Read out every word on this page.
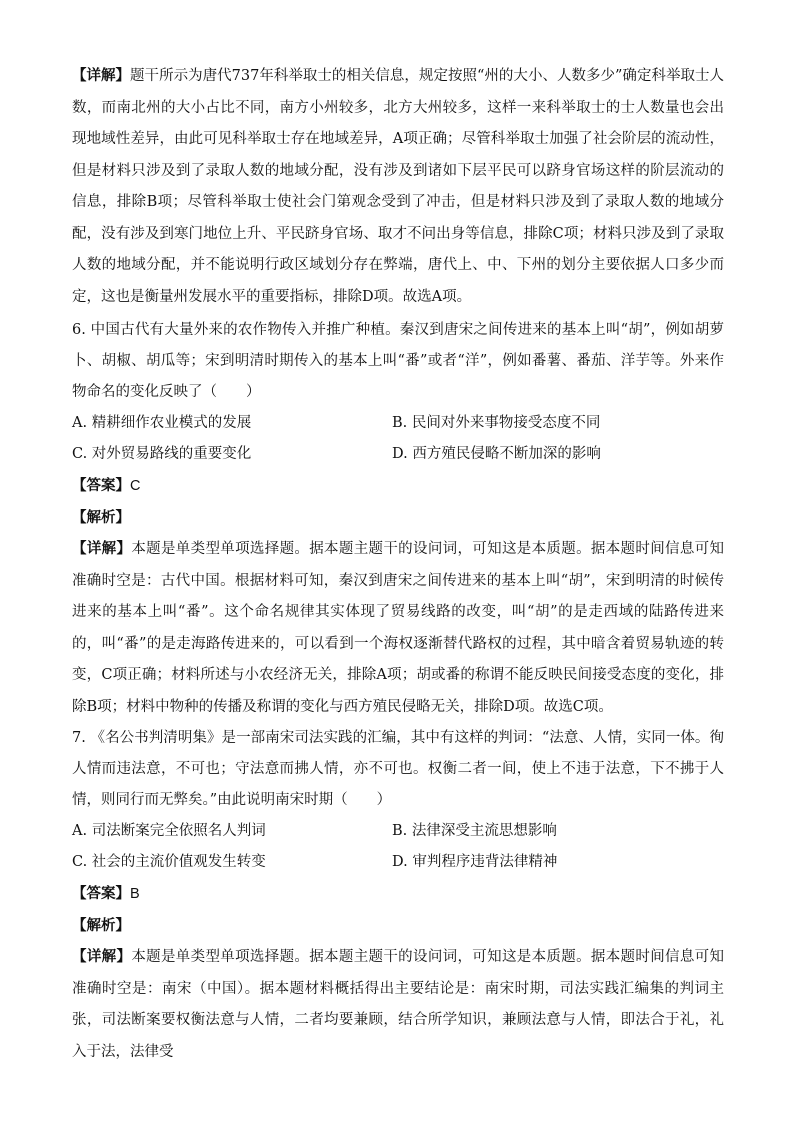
【详解】题干所示为唐代737年科举取士的相关信息，规定按照“州的大小、人数多少”确定科举取士人数，而南北州的大小占比不同，南方小州较多，北方大州较多，这样一来科举取士的士人数量也会出现地域性差异，由此可见科举取士存在地域差异，A项正确；尽管科举取士加强了社会阶层的流动性，但是材料只涉及到了录取人数的地域分配，没有涉及到诸如下层平民可以跻身官场这样的阶层流动的信息，排除B项；尽管科举取士使社会门第观念受到了冲击，但是材料只涉及到了录取人数的地域分配，没有涉及到寒门地位上升、平民跻身官场、取才不问出身等信息，排除C项；材料只涉及到了录取人数的地域分配，并不能说明行政区域划分存在弊端，唐代上、中、下州的划分主要依据人口多少而定，这也是衡量州发展水平的重要指标，排除D项。故选A项。

6. 中国古代有大量外来的农作物传入并推广种植。秦汉到唐宋之间传进来的基本上叫“胡”，例如胡萝卜、胡椒、胡瓜等；宋到明清时期传入的基本上叫“番”或者“洋”，例如番薯、番茄、洋芋等。外来作物命名的变化反映了（　　）

A. 精耕细作农业模式的发展	B. 民间对外来事物接受态度不同
C. 对外贸易路线的重要变化	D. 西方殖民侵略不断加深的影响

【答案】C

【解析】

【详解】本题是单类型单项选择题。据本题主题干的设问词，可知这是本质题。据本题时间信息可知准确时空是：古代中国。根据材料可知，秦汉到唐宋之间传进来的基本上叫“胡”，宋到明清的时候传进来的基本上叫“番”。这个命名规律其实体现了贸易线路的改变，叫“胡”的是走西域的陆路传进来的，叫“番”的是走海路传进来的，可以看到一个海权逐渐替代路权的过程，其中暗含着贸易轨迹的转变，C项正确；材料所述与小农经济无关，排除A项；胡或番的称谓不能反映民间接受态度的变化，排除B项；材料中物种的传播及称谓的变化与西方殖民侵略无关，排除D项。故选C项。

7. 《名公书判清明集》是一部南宋司法实践的汇编，其中有这样的判词：“法意、人情，实同一体。徇人情而违法意，不可也；守法意而拂人情，亦不可也。权衡二者一间，使上不违于法意，下不拂于人情，则同行而无弊矣。”由此说明南宋时期（　　）

A. 司法断案完全依照名人判词	B. 法律深受主流思想影响
C. 社会的主流价值观发生转变	D. 审判程序违背法律精神

【答案】B

【解析】

【详解】本题是单类型单项选择题。据本题主题干的设问词，可知这是本质题。据本题时间信息可知准确时空是：南宋（中国）。据本题材料概括得出主要结论是：南宋时期，司法实践汇编集的判词主张，司法断案要权衡法意与人情，二者均要兼顾，结合所学知识，兼顾法意与人情，即法合于礼，礼入于法，法律受
